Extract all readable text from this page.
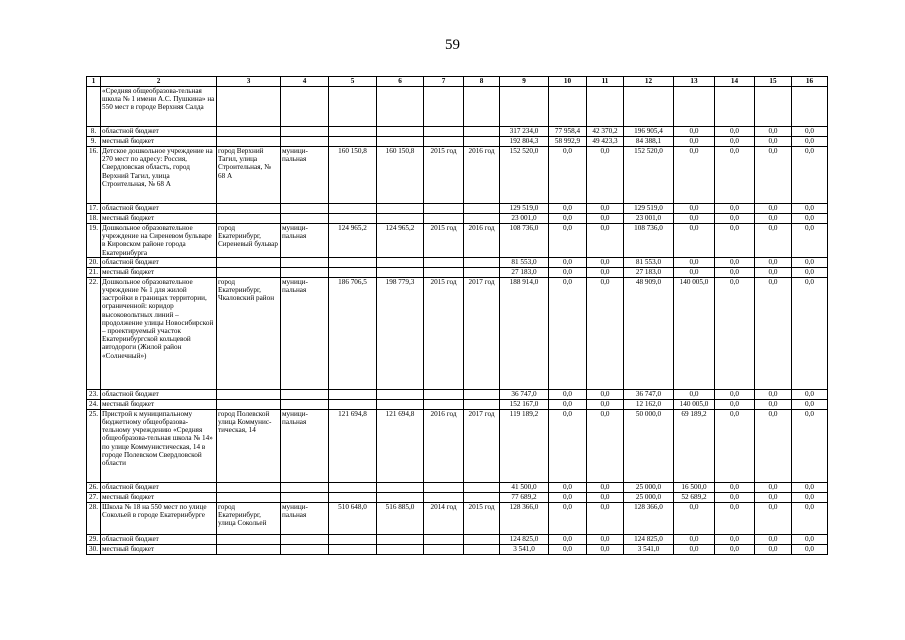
59
1	2	3	4	5	6	7	8	9	10	11	12	13	14	15	16
	«Средняя общеобразова-тельная школа № 1 имени А.С. Пушкина» на 550 мест в городе Верхняя Салда														
8.	областной бюджет							317 234,0	77 958,4	42 370,2	196 905,4	0,0	0,0	0,0	0,0
9.	местный бюджет							192 804,3	58 992,9	49 423,3	84 388,1	0,0	0,0	0,0	0,0
16.	Детское дошкольное учреждение на 270 мест по адресу: Россия, Свердловская область, город Верхний Тагил, улица Строительная, № 68 А	город Верхний Тагил, улица Строительная, № 68 А	муници-пальная	160 150,8	160 150,8	2015 год	2016 год	152 520,0	0,0	0,0	152 520,0	0,0	0,0	0,0	0,0
17.	областной бюджет							129 519,0	0,0	0,0	129 519,0	0,0	0,0	0,0	0,0
18.	местный бюджет							23 001,0	0,0	0,0	23 001,0	0,0	0,0	0,0	0,0
19.	Дошкольное образовательное учреждение на Сиреневом бульваре в Кировском районе города Екатеринбурга	город Екатеринбург, Сиреневый бульвар	муници-пальная	124 965,2	124 965,2	2015 год	2016 год	108 736,0	0,0	0,0	108 736,0	0,0	0,0	0,0	0,0
20.	областной бюджет							81 553,0	0,0	0,0	81 553,0	0,0	0,0	0,0	0,0
21.	местный бюджет							27 183,0	0,0	0,0	27 183,0	0,0	0,0	0,0	0,0
22.	Дошкольное образовательное учреждение № 1 для жилой застройки в границах территории, ограниченной: коридор высоковольтных линий – продолжение улицы Новосибирской – проектируемый участок Екатеринбургской кольцевой автодороги (Жилой район «Солнечный»)	город Екатеринбург, Чкаловский район	муници-пальная	186 706,5	198 779,3	2015 год	2017 год	188 914,0	0,0	0,0	48 909,0	140 005,0	0,0	0,0	0,0
23.	областной бюджет							36 747,0	0,0	0,0	36 747,0	0,0	0,0	0,0	0,0
24.	местный бюджет							152 167,0	0,0	0,0	12 162,0	140 005,0	0,0	0,0	0,0
25.	Пристрой к муниципальному бюджетному общеобразова-тельному учреждению «Средняя общеобразова-тельная школа № 14» по улице Коммунистическая, 14 в городе Полевском Свердловской области	город Полевской улица Коммунис-тическая, 14	муници-пальная	121 694,8	121 694,8	2016 год	2017 год	119 189,2	0,0	0,0	50 000,0	69 189,2	0,0	0,0	0,0
26.	областной бюджет							41 500,0	0,0	0,0	25 000,0	16 500,0	0,0	0,0	0,0
27.	местный бюджет							77 689,2	0,0	0,0	25 000,0	52 689,2	0,0	0,0	0,0
28.	Школа № 18 на 550 мест по улице Сокольей в городе Екатеринбурге	город Екатеринбург, улица Сокольей	муници-пальная	510 648,0	516 885,0	2014 год	2015 год	128 366,0	0,0	0,0	128 366,0	0,0	0,0	0,0	0,0
29.	областной бюджет							124 825,0	0,0	0,0	124 825,0	0,0	0,0	0,0	0,0
30.	местный бюджет							3 541,0	0,0	0,0	3 541,0	0,0	0,0	0,0	0,0
